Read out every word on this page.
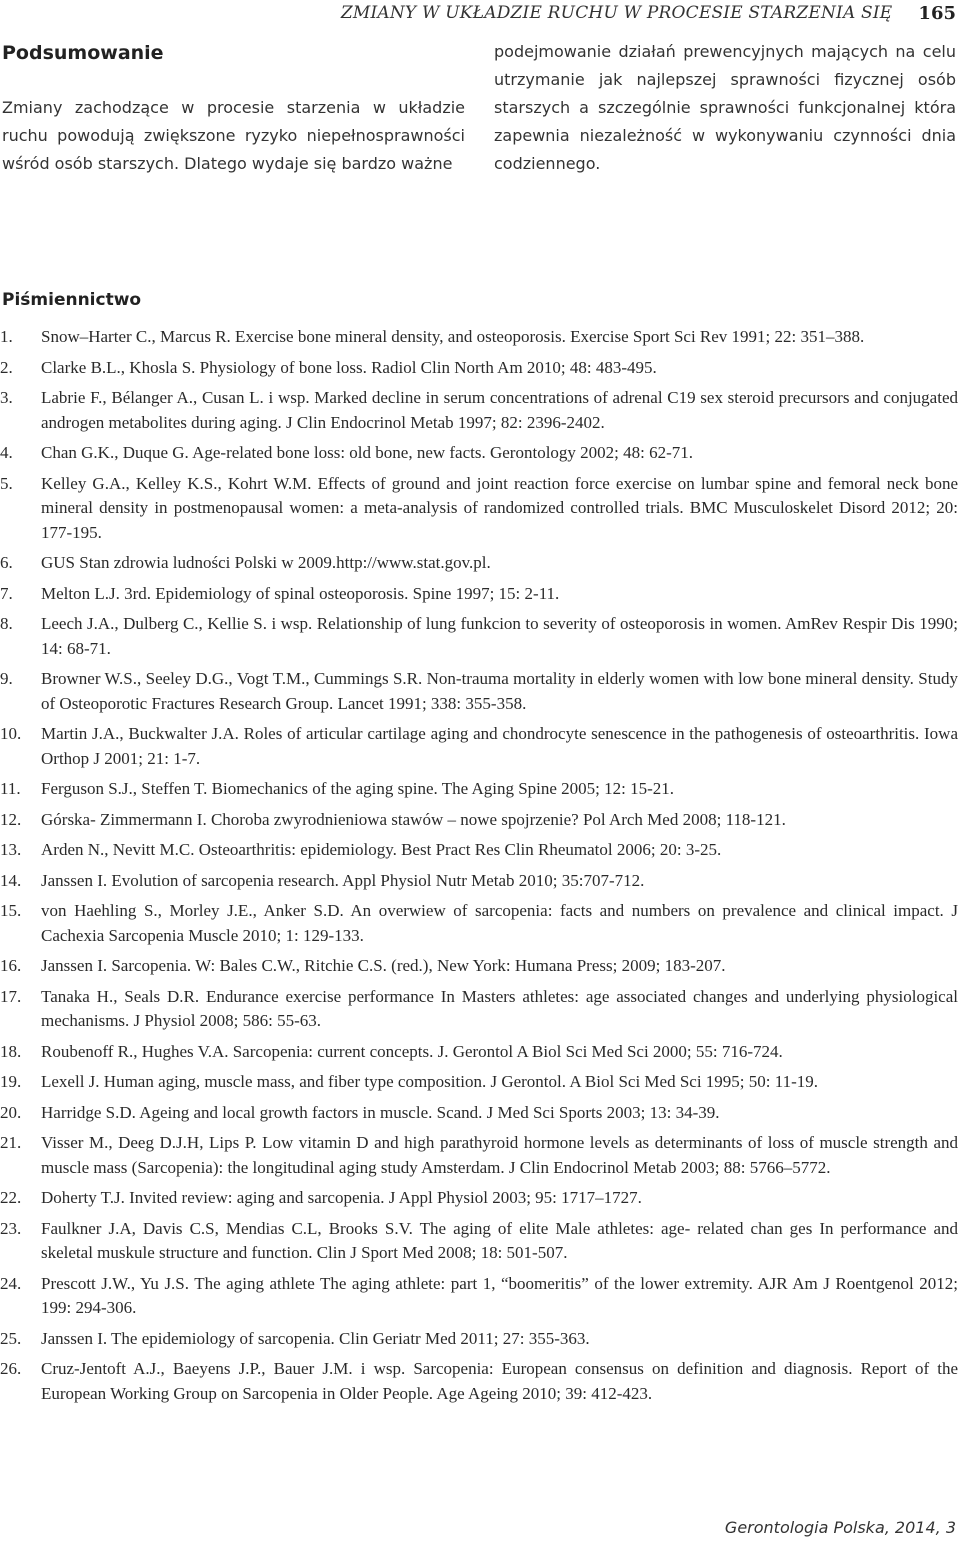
ZMIANY W UKŁADZIE RUCHU W PROCESIE STARZENIA SIĘ 165
Podsumowanie
Zmiany zachodzące w procesie starzenia w układzie ruchu powodują zwiększone ryzyko niepełnosprawności wśród osób starszych. Dlatego wydaje się bardzo ważne
podejmowanie działań prewencyjnych mających na celu utrzymanie jak najlepszej sprawności fizycznej osób starszych a szczególnie sprawności funkcjonalnej która zapewnia niezależność w wykonywaniu czynności dnia codziennego.
Piśmiennictwo
1.	Snow–Harter C., Marcus R. Exercise bone mineral density, and osteoporosis. Exercise Sport Sci Rev 1991; 22: 351–388.
2.	Clarke B.L., Khosla S. Physiology of bone loss. Radiol Clin North Am 2010; 48: 483-495.
3.	Labrie F., Bélanger A., Cusan L. i wsp. Marked decline in serum concentrations of adrenal C19 sex steroid precursors and conjugated androgen metabolites during aging. J Clin Endocrinol Metab 1997; 82: 2396-2402.
4.	Chan G.K., Duque G. Age-related bone loss: old bone, new facts. Gerontology 2002; 48: 62-71.
5.	Kelley G.A., Kelley K.S., Kohrt W.M. Effects of ground and joint reaction force exercise on lumbar spine and femoral neck bone mineral density in postmenopausal women: a meta-analysis of randomized controlled trials. BMC Musculoskelet Disord 2012; 20: 177-195.
6.	GUS Stan zdrowia ludności Polski w 2009.http://www.stat.gov.pl.
7.	Melton L.J. 3rd. Epidemiology of spinal osteoporosis. Spine 1997; 15: 2-11.
8.	Leech J.A., Dulberg C., Kellie S. i wsp. Relationship of lung funkcion to severity of osteoporosis in women. AmRev Respir Dis 1990; 14: 68-71.
9.	Browner W.S., Seeley D.G., Vogt T.M., Cummings S.R. Non-trauma mortality in elderly women with low bone mineral density. Study of Osteoporotic Fractures Research Group. Lancet 1991; 338: 355-358.
10.	Martin J.A., Buckwalter J.A. Roles of articular cartilage aging and chondrocyte senescence in the pathogenesis of osteoarthritis. Iowa Orthop J 2001; 21: 1-7.
11.	Ferguson S.J., Steffen T. Biomechanics of the aging spine. The Aging Spine 2005; 12: 15-21.
12.	Górska- Zimmermann I. Choroba zwyrodnieniowa stawów – nowe spojrzenie? Pol Arch Med 2008; 118-121.
13.	Arden N., Nevitt M.C. Osteoarthritis: epidemiology. Best Pract Res Clin Rheumatol 2006; 20: 3-25.
14.	Janssen I. Evolution of sarcopenia research. Appl Physiol Nutr Metab 2010; 35:707-712.
15.	von Haehling S., Morley J.E., Anker S.D. An overwiew of sarcopenia: facts and numbers on prevalence and clinical impact. J Cachexia Sarcopenia Muscle 2010; 1: 129-133.
16.	Janssen I. Sarcopenia. W: Bales C.W., Ritchie C.S. (red.), New York: Humana Press; 2009; 183-207.
17.	Tanaka H., Seals D.R. Endurance exercise performance In Masters athletes: age associated changes and underlying physiological mechanisms. J Physiol 2008; 586: 55-63.
18.	Roubenoff R., Hughes V.A. Sarcopenia: current concepts. J. Gerontol A Biol Sci Med Sci 2000; 55: 716-724.
19.	Lexell J. Human aging, muscle mass, and fiber type composition. J Gerontol. A Biol Sci Med Sci 1995; 50: 11-19.
20.	Harridge S.D. Ageing and local growth factors in muscle. Scand. J Med Sci Sports 2003; 13: 34-39.
21.	Visser M., Deeg D.J.H, Lips P. Low vitamin D and high parathyroid hormone levels as determinants of loss of muscle strength and muscle mass (Sarcopenia): the longitudinal aging study Amsterdam. J Clin Endocrinol Metab 2003; 88: 5766–5772.
22.	Doherty T.J. Invited review: aging and sarcopenia. J Appl Physiol 2003; 95: 1717–1727.
23.	Faulkner J.A, Davis C.S, Mendias C.L, Brooks S.V. The aging of elite Male athletes: age- related chan ges In performance and skeletal muskule structure and function. Clin J Sport Med 2008; 18: 501-507.
24.	Prescott J.W., Yu J.S. The aging athlete The aging athlete: part 1, “boomeritis” of the lower extremity. AJR Am J Roentgenol 2012; 199: 294-306.
25.	Janssen I. The epidemiology of sarcopenia. Clin Geriatr Med 2011; 27: 355-363.
26.	Cruz-Jentoft A.J., Baeyens J.P., Bauer J.M. i wsp. Sarcopenia: European consensus on definition and diagnosis. Report of the European Working Group on Sarcopenia in Older People. Age Ageing 2010; 39: 412-423.
Gerontologia Polska, 2014, 3
